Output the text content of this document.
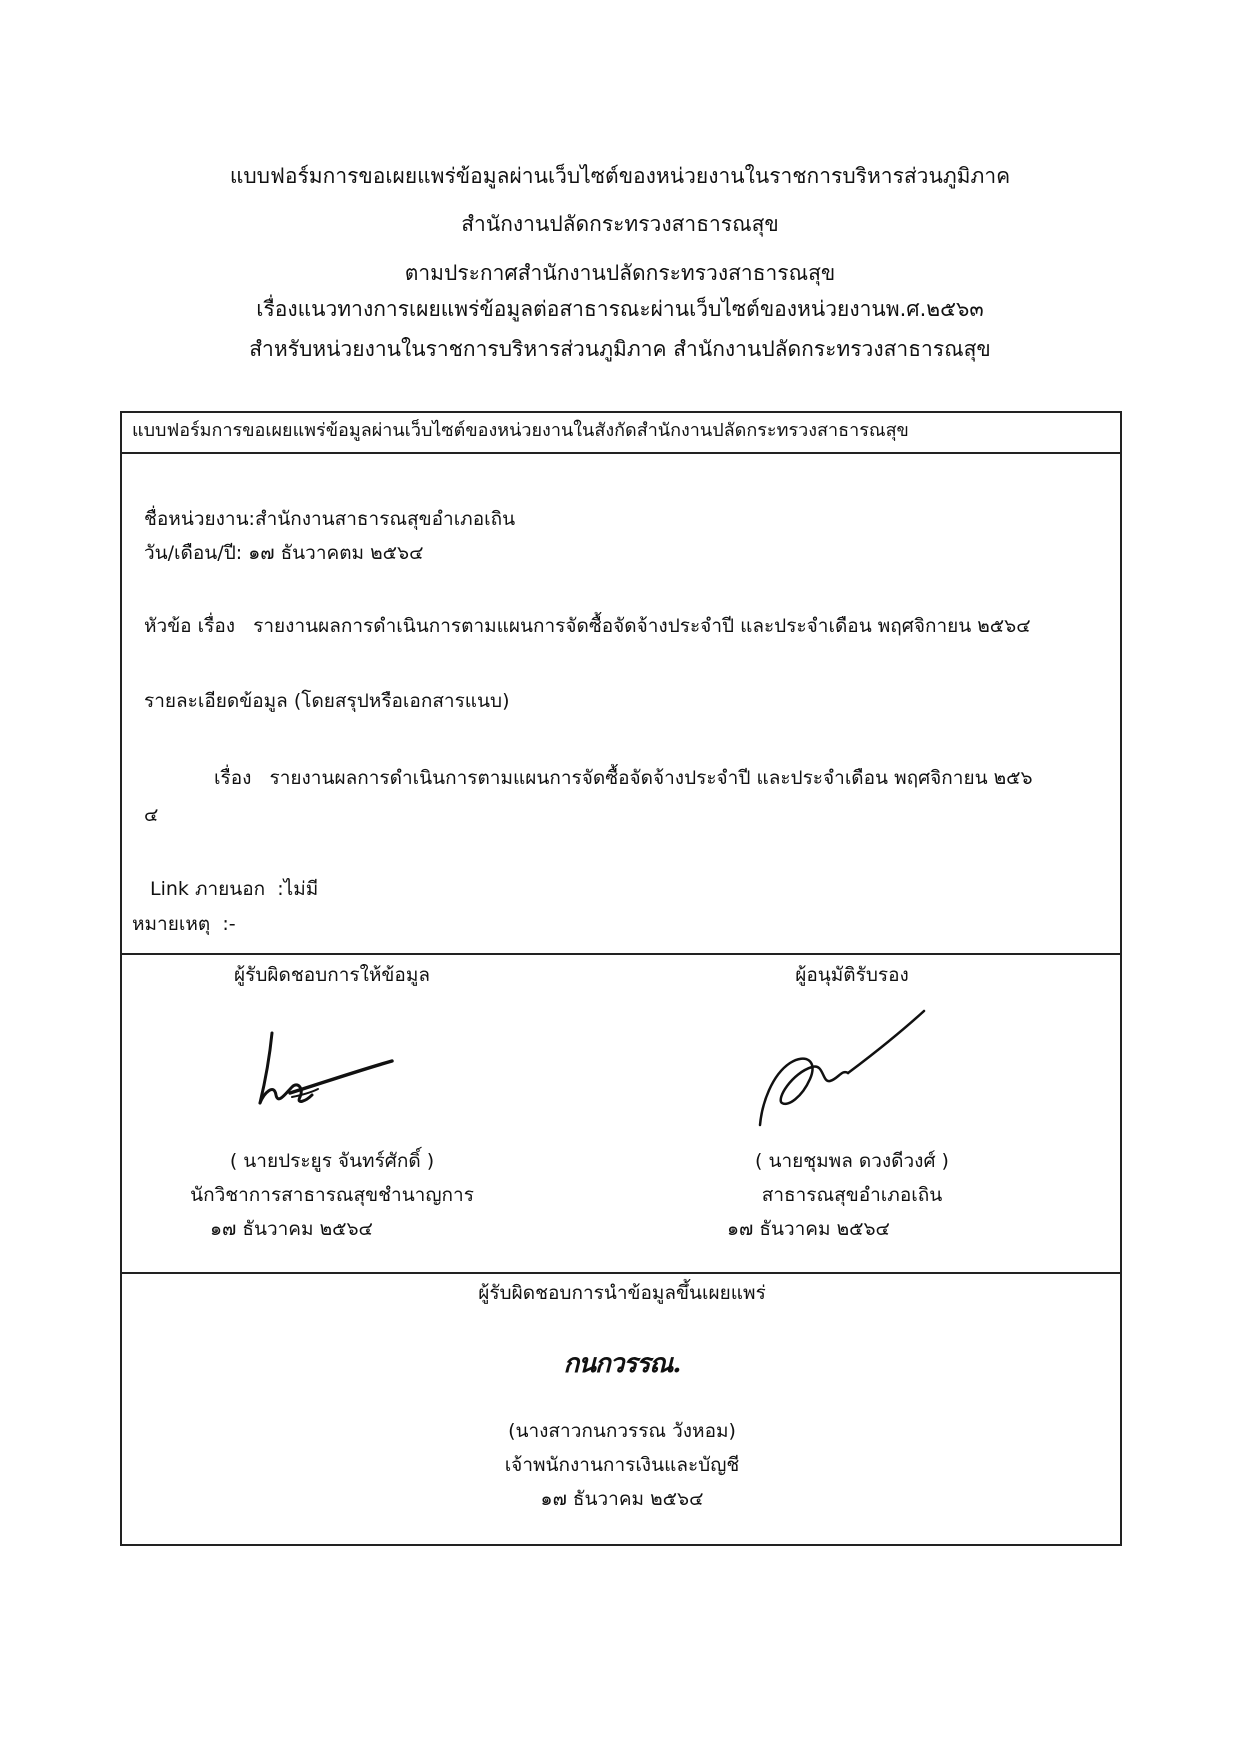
แบบฟอร์มการขอเผยแพร่ข้อมูลผ่านเว็บไซต์ของหน่วยงานในราชการบริหารส่วนภูมิภาค
สำนักงานปลัดกระทรวงสาธารณสุข
ตามประกาศสำนักงานปลัดกระทรวงสาธารณสุข
เรื่องแนวทางการเผยแพร่ข้อมูลต่อสาธารณะผ่านเว็บไซต์ของหน่วยงานพ.ศ.๒๕๖๓
สำหรับหน่วยงานในราชการบริหารส่วนภูมิภาค สำนักงานปลัดกระทรวงสาธารณสุข
แบบฟอร์มการขอเผยแพร่ข้อมูลผ่านเว็บไซต์ของหน่วยงานในสังกัดสำนักงานปลัดกระทรวงสาธารณสุข
ชื่อหน่วยงาน:สำนักงานสาธารณสุขอำเภอเถิน
วัน/เดือน/ปี: ๑๗ ธันวาคตม ๒๕๖๔
หัวข้อ เรื่อง รายงานผลการดำเนินการตามแผนการจัดซื้อจัดจ้างประจำปี และประจำเดือน พฤศจิกายน ๒๕๖๔
รายละเอียดข้อมูล (โดยสรุปหรือเอกสารแนบ)
เรื่อง รายงานผลการดำเนินการตามแผนการจัดซื้อจัดจ้างประจำปี และประจำเดือน พฤศจิกายน ๒๕๖
๔
Link ภายนอก :ไม่มี
หมายเหตุ :-
ผู้รับผิดชอบการให้ข้อมูล
( นายประยูร จันทร์ศักดิ์ )
นักวิชาการสาธารณสุขชำนาญการ
๑๗ ธันวาคม ๒๕๖๔
ผู้อนุมัติรับรอง
( นายชุมพล ดวงดีวงศ์ )
สาธารณสุขอำเภอเถิน
๑๗ ธันวาคม ๒๕๖๔
ผู้รับผิดชอบการนำข้อมูลขึ้นเผยแพร่
กนกวรรณ.
(นางสาวกนกวรรณ วังหอม)
เจ้าพนักงานการเงินและบัญชี
๑๗ ธันวาคม ๒๕๖๔
